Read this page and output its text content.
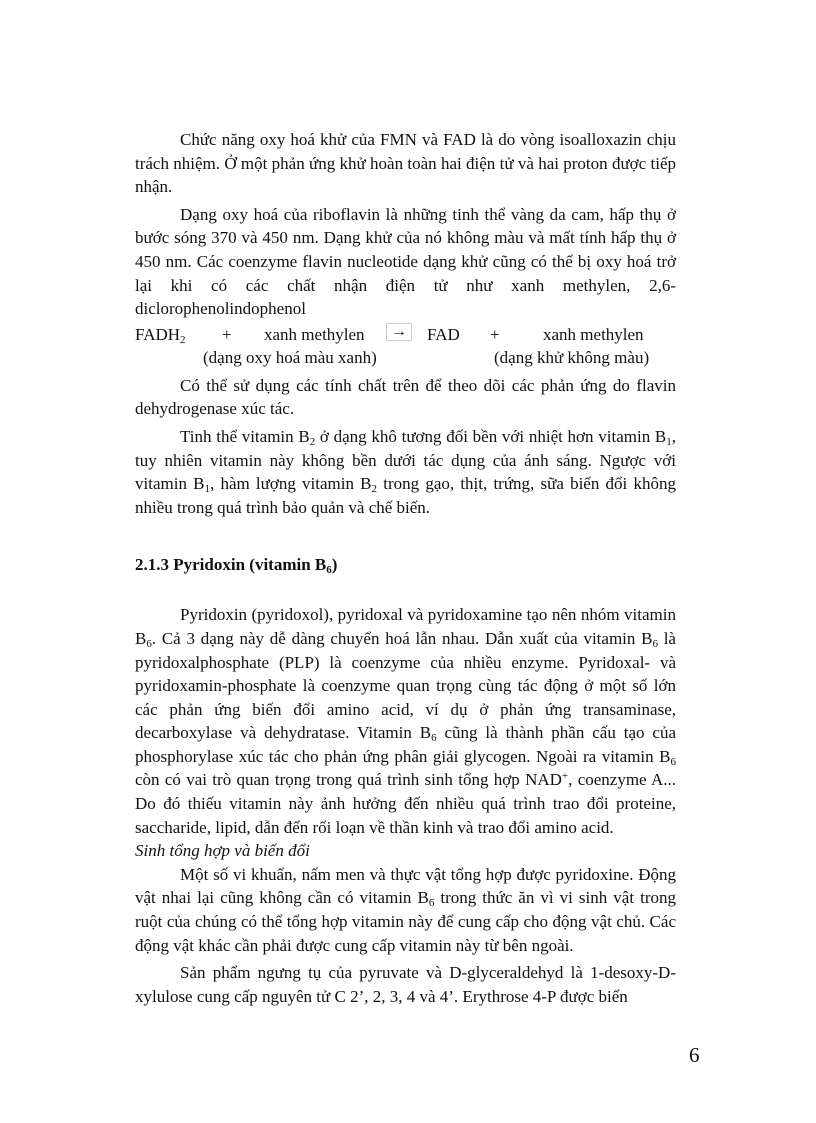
Chức năng oxy hoá khử của FMN và FAD là do vòng isoalloxazin chịu trách nhiệm. Ở một phản ứng khử hoàn toàn hai điện tử và hai proton được tiếp nhận.

Dạng oxy hoá của riboflavin là những tinh thể vàng da cam, hấp thụ ở bước sóng 370 và 450 nm. Dạng khử của nó không màu và mất tính hấp thụ ở 450 nm. Các coenzyme flavin nucleotide dạng khử cũng có thể bị oxy hoá trở lại khi có các chất nhận điện tử như xanh methylen, 2,6-diclorophenolindophenol

$FADH_2$ + xanh methylen	→ FAD +	xanh methylen
(dạng oxy hoá màu xanh)	(dạng khử không màu)

Có thể sử dụng các tính chất trên để theo dõi các phản ứng do flavin dehydrogenase xúc tác.

Tinh thể vitamin $B_2$ ở dạng khô tương đối bền với nhiệt hơn vitamin $B_1$, tuy nhiên vitamin này không bền dưới tác dụng của ánh sáng. Ngược với vitamin $B_1$, hàm lượng vitamin $B_2$ trong gạo, thịt, trứng, sữa biến đổi không nhiều trong quá trình bảo quản và chế biến.

2.1.3 Pyridoxin (vitamin $B_6$)

Pyridoxin (pyridoxol), pyridoxal và pyridoxamine tạo nên nhóm vitamin $B_6$. Cả 3 dạng này dễ dàng chuyển hoá lẫn nhau. Dẫn xuất của vitamin $B_6$ là pyridoxalphosphate (PLP) là coenzyme của nhiều enzyme. Pyridoxal- và pyridoxamin-phosphate là coenzyme quan trọng cùng tác động ở một số lớn các phản ứng biến đổi amino acid, ví dụ ở phản ứng transaminase, decarboxylase và dehydratase. Vitamin $B_6$ cũng là thành phần cấu tạo của phosphorylase xúc tác cho phản ứng phân giải glycogen. Ngoài ra vitamin $B_6$ còn có vai trò quan trọng trong quá trình sinh tổng hợp NAD+, coenzyme A... Do đó thiếu vitamin này ảnh hưởng đến nhiều quá trình trao đổi proteine, saccharide, lipid, dẫn đến rối loạn về thần kinh và trao đổi amino acid.

Sinh tổng hợp và biến đổi

Một số vi khuẩn, nấm men và thực vật tổng hợp được pyridoxine. Động vật nhai lại cũng không cần có vitamin $B_6$ trong thức ăn vì vi sinh vật trong ruột của chúng có thể tổng hợp vitamin này để cung cấp cho động vật chủ. Các động vật khác cần phải được cung cấp vitamin này từ bên ngoài.

Sản phẩm ngưng tụ của pyruvate và D-glyceraldehyd là 1-desoxy-D-xylulose cung cấp nguyên tử C 2’, 2, 3, 4 và 4’. Erythrose 4-P được biến

6
